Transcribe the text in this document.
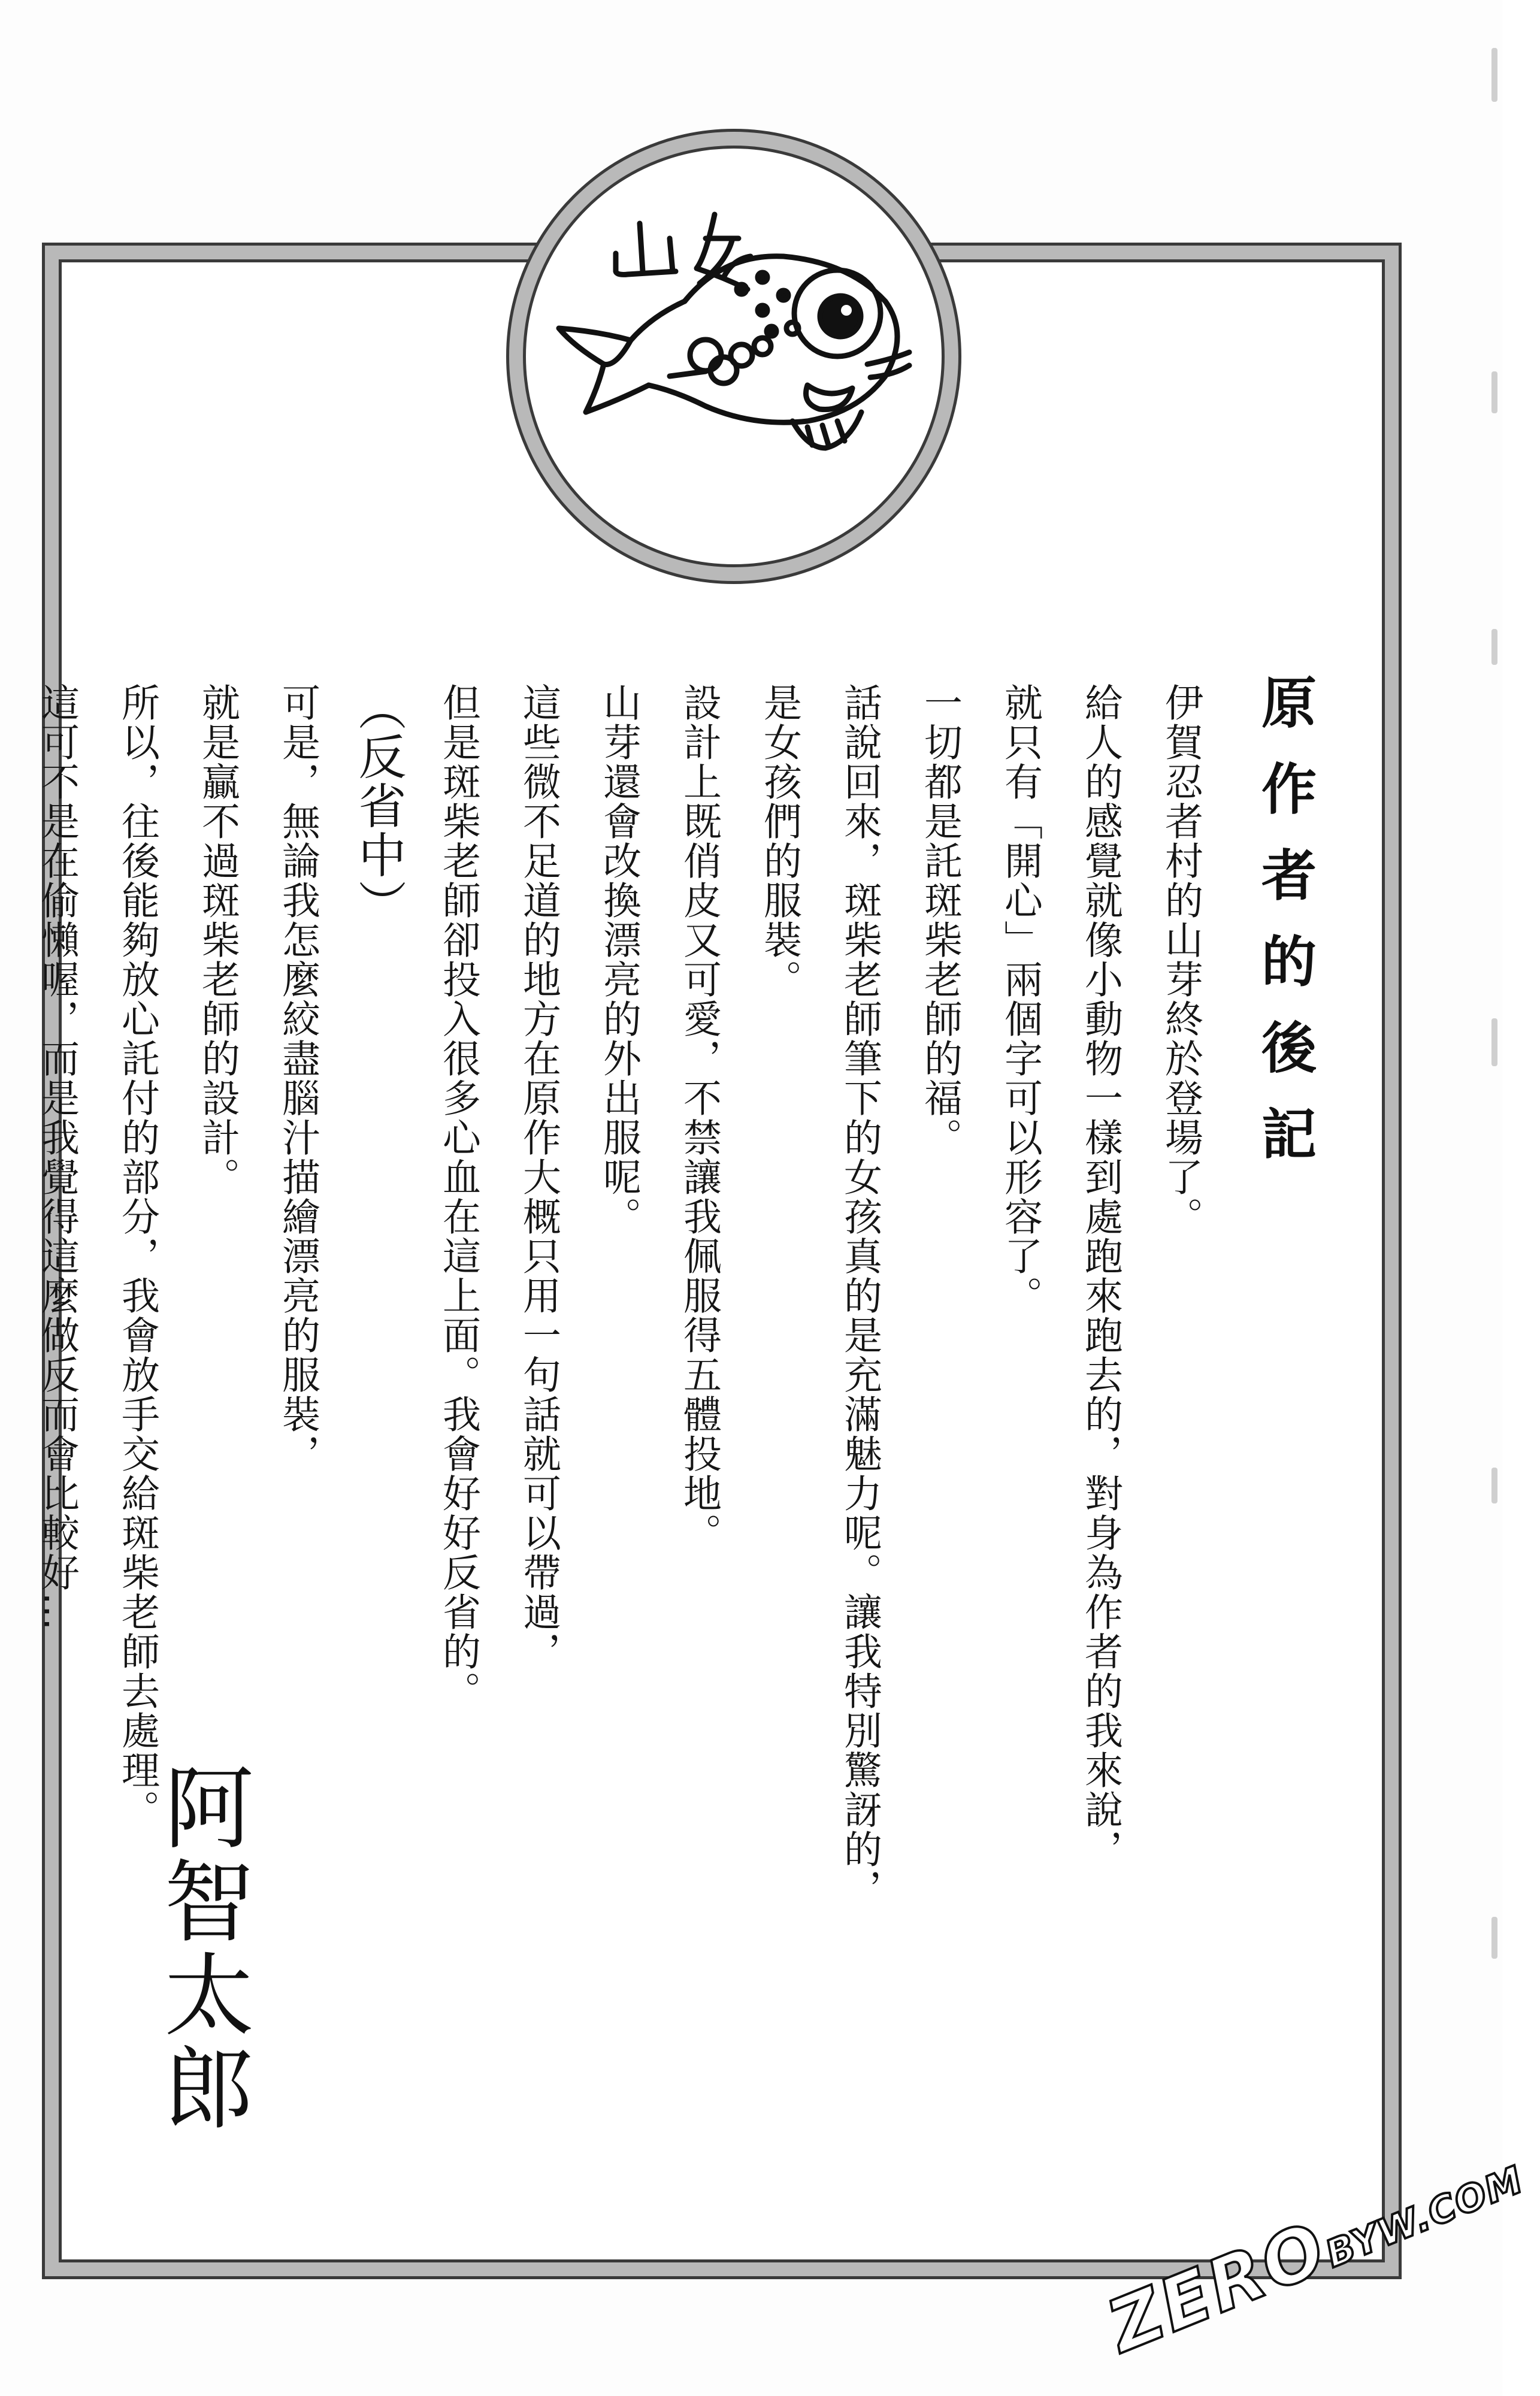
原作者的後記
伊賀忍者村的山芽終於登場了。
給人的感覺就像小動物一樣到處跑來跑去的，對身為作者的我來說，
就只有「開心」兩個字可以形容了。
一切都是託斑柴老師的福。
話說回來，斑柴老師筆下的女孩真的是充滿魅力呢。讓我特別驚訝的，是女孩們的服裝。
設計上既俏皮又可愛，不禁讓我佩服得五體投地。
山芽還會改換漂亮的外出服呢。
這些微不足道的地方在原作大概只用一句話就可以帶過，
但是斑柴老師卻投入很多心血在這上面。我會好好反省的。
（反省中）
可是，無論我怎麼絞盡腦汁描繪漂亮的服裝，
就是贏不過斑柴老師的設計。
所以，往後能夠放心託付的部分，我會放手交給斑柴老師去處理。
這可不是在偷懶喔，而是我覺得這麼做反而會比較好…
阿智太郎
ZEROBYW.COM
